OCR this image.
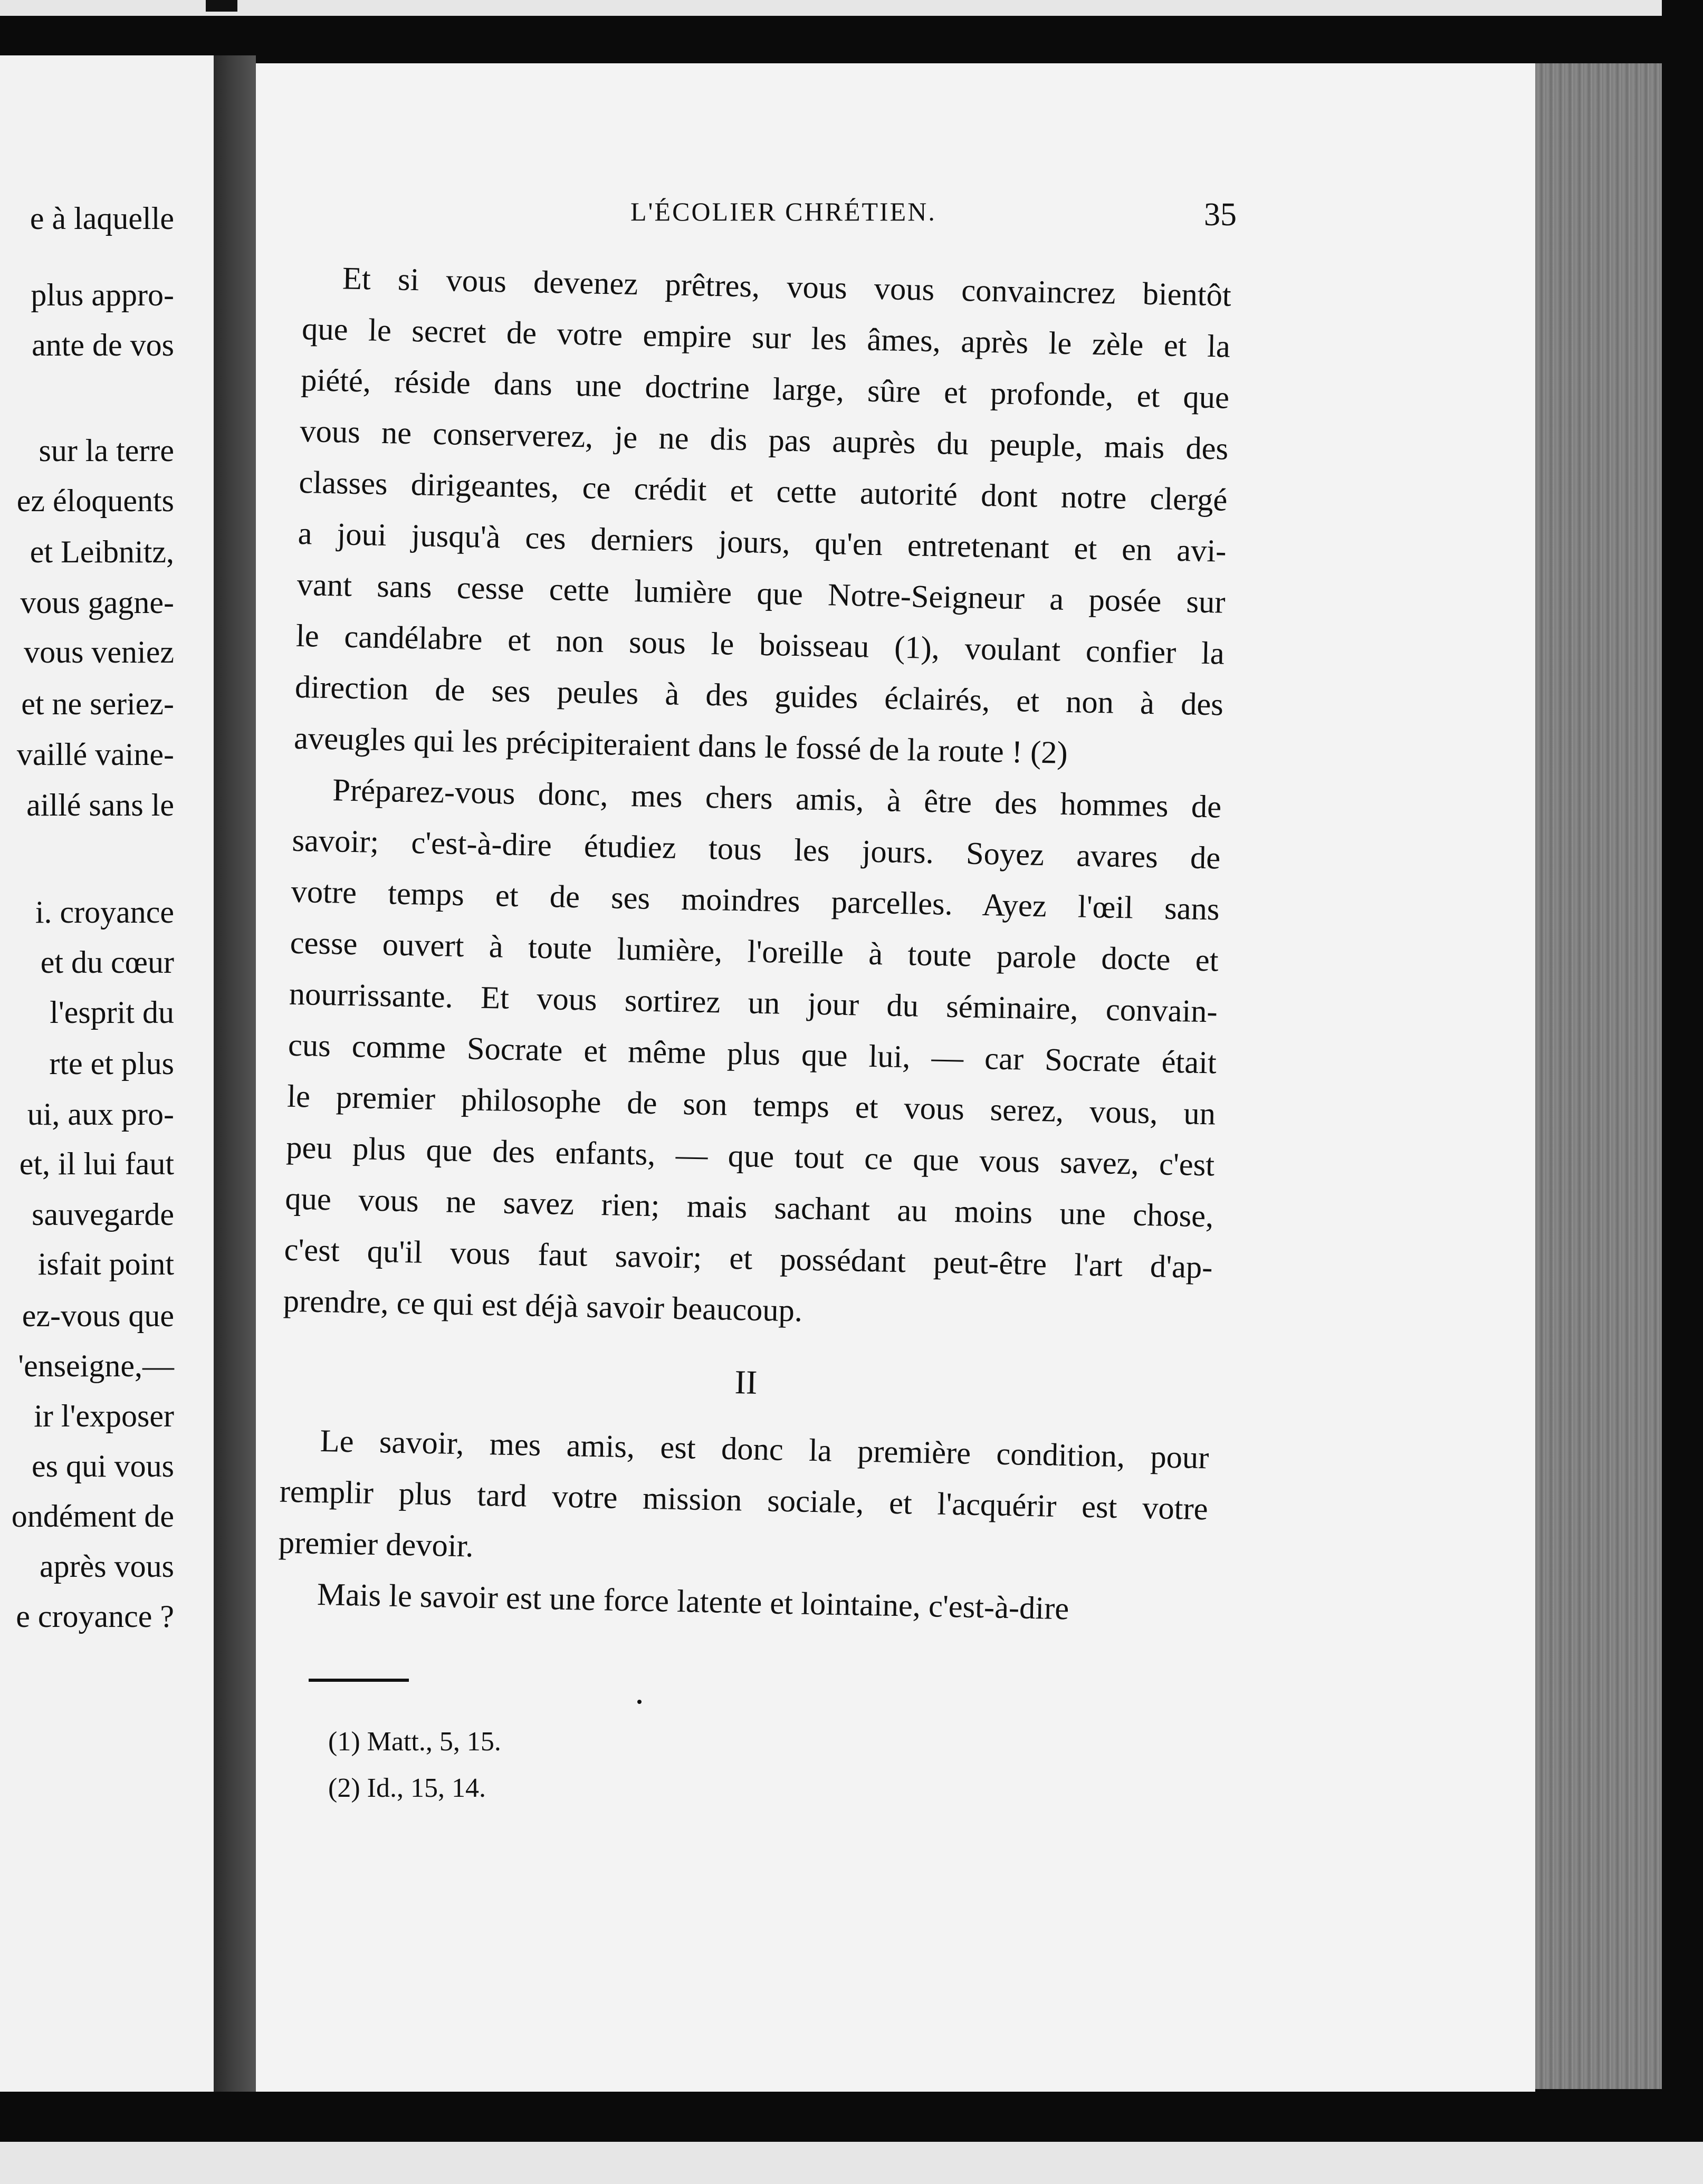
e à laquelle
plus appro-
ante de vos
sur la terre
ez éloquents
et Leibnitz,
vous gagne-
vous veniez
et ne seriez-
vaillé vaine-
aillé sans le
i. croyance
et du cœur
l'esprit du
rte et plus
ui, aux pro-
et, il lui faut
sauvegarde
isfait point
ez-vous que
'enseigne,—
ir l'exposer
es qui vous
ondément de
après vous
e croyance ?
L'ÉCOLIER CHRÉTIEN.	35
Et si vous devenez prêtres, vous vous convaincrez bientôt
que le secret de votre empire sur les âmes, après le zèle et la
piété, réside dans une doctrine large, sûre et profonde, et que
vous ne conserverez, je ne dis pas auprès du peuple, mais des
classes dirigeantes, ce crédit et cette autorité dont notre clergé
a joui jusqu'à ces derniers jours, qu'en entretenant et en avi-
vant sans cesse cette lumière que Notre-Seigneur a posée sur
le candélabre et non sous le boisseau (1), voulant confier la
direction de ses peules à des guides éclairés, et non à des
aveugles qui les précipiteraient dans le fossé de la route ! (2)
Préparez-vous donc, mes chers amis, à être des hommes de
savoir; c'est-à-dire étudiez tous les jours. Soyez avares de
votre temps et de ses moindres parcelles. Ayez l'œil sans
cesse ouvert à toute lumière, l'oreille à toute parole docte et
nourrissante. Et vous sortirez un jour du séminaire, convain-
cus comme Socrate et même plus que lui, — car Socrate était
le premier philosophe de son temps et vous serez, vous, un
peu plus que des enfants, — que tout ce que vous savez, c'est
que vous ne savez rien; mais sachant au moins une chose,
c'est qu'il vous faut savoir; et possédant peut-être l'art d'ap-
prendre, ce qui est déjà savoir beaucoup.
II
Le savoir, mes amis, est donc la première condition, pour
remplir plus tard votre mission sociale, et l'acquérir est votre
premier devoir.
Mais le savoir est une force latente et lointaine, c'est-à-dire
(1) Matt., 5, 15.
(2) Id., 15, 14.
